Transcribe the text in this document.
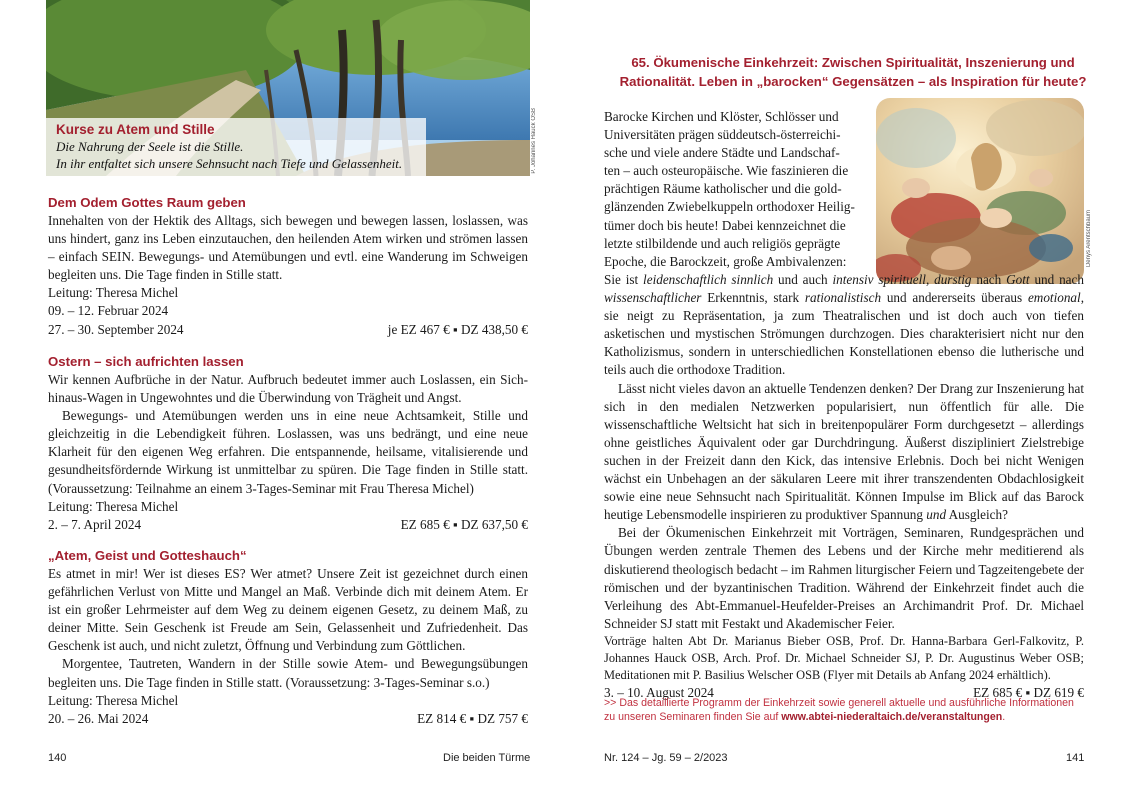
Kurse zu Atem und Stille
Die Nahrung der Seele ist die Stille.
In ihr entfaltet sich unsere Sehnsucht nach Tiefe und Gelassenheit.	P. Johannes Hauck OSB
Dem Odem Gottes Raum geben

Innehalten von der Hektik des Alltags, sich bewegen und bewegen lassen, loslassen, was uns hindert, ganz ins Leben einzutauchen, den heilenden Atem wirken und strömen lassen – einfach SEIN. Bewegungs- und Atemübungen und evtl. eine Wanderung im Schweigen begleiten uns. Die Tage finden in Stille statt.

Leitung: Theresa Michel

09. – 12. Februar 2024

27. – 30. September 2024	je EZ 467 € ▪ DZ 438,50 €
Ostern – sich aufrichten lassen

Wir kennen Aufbrüche in der Natur. Aufbruch bedeutet immer auch Loslassen, ein Sich-hinaus-Wagen in Ungewohntes und die Überwindung von Trägheit und Angst.

Bewegungs- und Atemübungen werden uns in eine neue Achtsamkeit, Stille und gleichzeitig in die Lebendigkeit führen. Loslassen, was uns bedrängt, und eine neue Klarheit für den eigenen Weg erfahren. Die entspannende, heilsame, vitalisierende und gesundheitsfördernde Wirkung ist unmittelbar zu spüren. Die Tage finden in Stille statt. (Voraussetzung: Teilnahme an einem 3-Tages-Seminar mit Frau Theresa Michel)

Leitung: Theresa Michel

2. – 7. April 2024	EZ 685 € ▪ DZ 637,50 €
„Atem, Geist und Gotteshauch“

Es atmet in mir! Wer ist dieses ES? Wer atmet? Unsere Zeit ist gezeichnet durch einen gefährlichen Verlust von Mitte und Mangel an Maß. Verbinde dich mit deinem Atem. Er ist ein großer Lehrmeister auf dem Weg zu deinem eigenen Gesetz, zu deinem Maß, zu deiner Mitte. Sein Geschenk ist Freude am Sein, Gelassenheit und Zufriedenheit. Das Geschenk ist auch, und nicht zuletzt, Öffnung und Verbindung zum Göttlichen.

Morgentee, Tautreten, Wandern in der Stille sowie Atem- und Bewegungsübungen begleiten uns. Die Tage finden in Stille statt. (Voraussetzung: 3-Tages-Seminar s.o.)

Leitung: Theresa Michel

20. – 26. Mai 2024	EZ 814 € ▪ DZ 757 €
140	Die beiden Türme
65. Ökumenische Einkehrzeit: Zwischen Spiritualität, Inszenierung und
Rationalität. Leben in „barocken“ Gegensätzen – als Inspiration für heute?
Denys Arentschbaum
Barocke Kirchen und Klöster, Schlösser und
Universitäten prägen süddeutsch-österreichi-
sche und viele andere Städte und Landschaf-
ten – auch osteuropäische. Wie faszinieren die
prächtigen Räume katholischer und die gold-
glänzenden Zwiebelkuppeln orthodoxer Heilig-
tümer doch bis heute! Dabei kennzeichnet die
letzte stilbildende und auch religiös geprägte
Epoche, die Barockzeit, große Ambivalenzen:

Sie ist leidenschaftlich sinnlich und auch intensiv spirituell, durstig nach Gott und nach wissenschaftlicher Erkenntnis, stark rationalistisch und andererseits überaus emotional, sie neigt zu Repräsentation, ja zum Theatralischen und ist doch auch von tiefen asketischen und mystischen Strömungen durchzogen. Dies charakterisiert nicht nur den Katholizismus, sondern in unterschiedlichen Konstellationen ebenso die lutherische und teils auch die orthodoxe Tradition.

Lässt nicht vieles davon an aktuelle Tendenzen denken? Der Drang zur Inszenierung hat sich in den medialen Netzwerken popularisiert, nun öffentlich für alle. Die wissenschaftliche Weltsicht hat sich in breitenpopulärer Form durchgesetzt – allerdings ohne geistliches Äquivalent oder gar Durchdringung. Äußerst diszipliniert Zielstrebige suchen in der Freizeit dann den Kick, das intensive Erlebnis. Doch bei nicht Wenigen wächst ein Unbehagen an der säkularen Leere mit ihrer transzendenten Obdachlosigkeit sowie eine neue Sehnsucht nach Spiritualität. Können Impulse im Blick auf das Barock heutige Lebensmodelle inspirieren zu produktiver Spannung und Ausgleich?

Bei der Ökumenischen Einkehrzeit mit Vorträgen, Seminaren, Rundgesprächen und Übungen werden zentrale Themen des Lebens und der Kirche mehr meditierend als diskutierend theologisch bedacht – im Rahmen liturgischer Feiern und Tagzeitengebete der römischen und der byzantinischen Tradition. Während der Einkehrzeit findet auch die Verleihung des Abt-Emmanuel-Heufelder-Preises an Archimandrit Prof. Dr. Michael Schneider SJ statt mit Festakt und Akademischer Feier.

Vorträge halten Abt Dr. Marianus Bieber OSB, Prof. Dr. Hanna-Barbara Gerl-Falkovitz, P. Johannes Hauck OSB, Arch. Prof. Dr. Michael Schneider SJ, P. Dr. Augustinus Weber OSB; Meditationen mit P. Basilius Welscher OSB (Flyer mit Details ab Anfang 2024 erhältlich).

3. – 10. August 2024	EZ 685 € ▪ DZ 619 €
>> Das detaillierte Programm der Einkehrzeit sowie generell aktuelle und ausführliche Informationen zu unseren Seminaren finden Sie auf www.abtei-niederaltaich.de/veranstaltungen.
Nr. 124 – Jg. 59 – 2/2023	141
